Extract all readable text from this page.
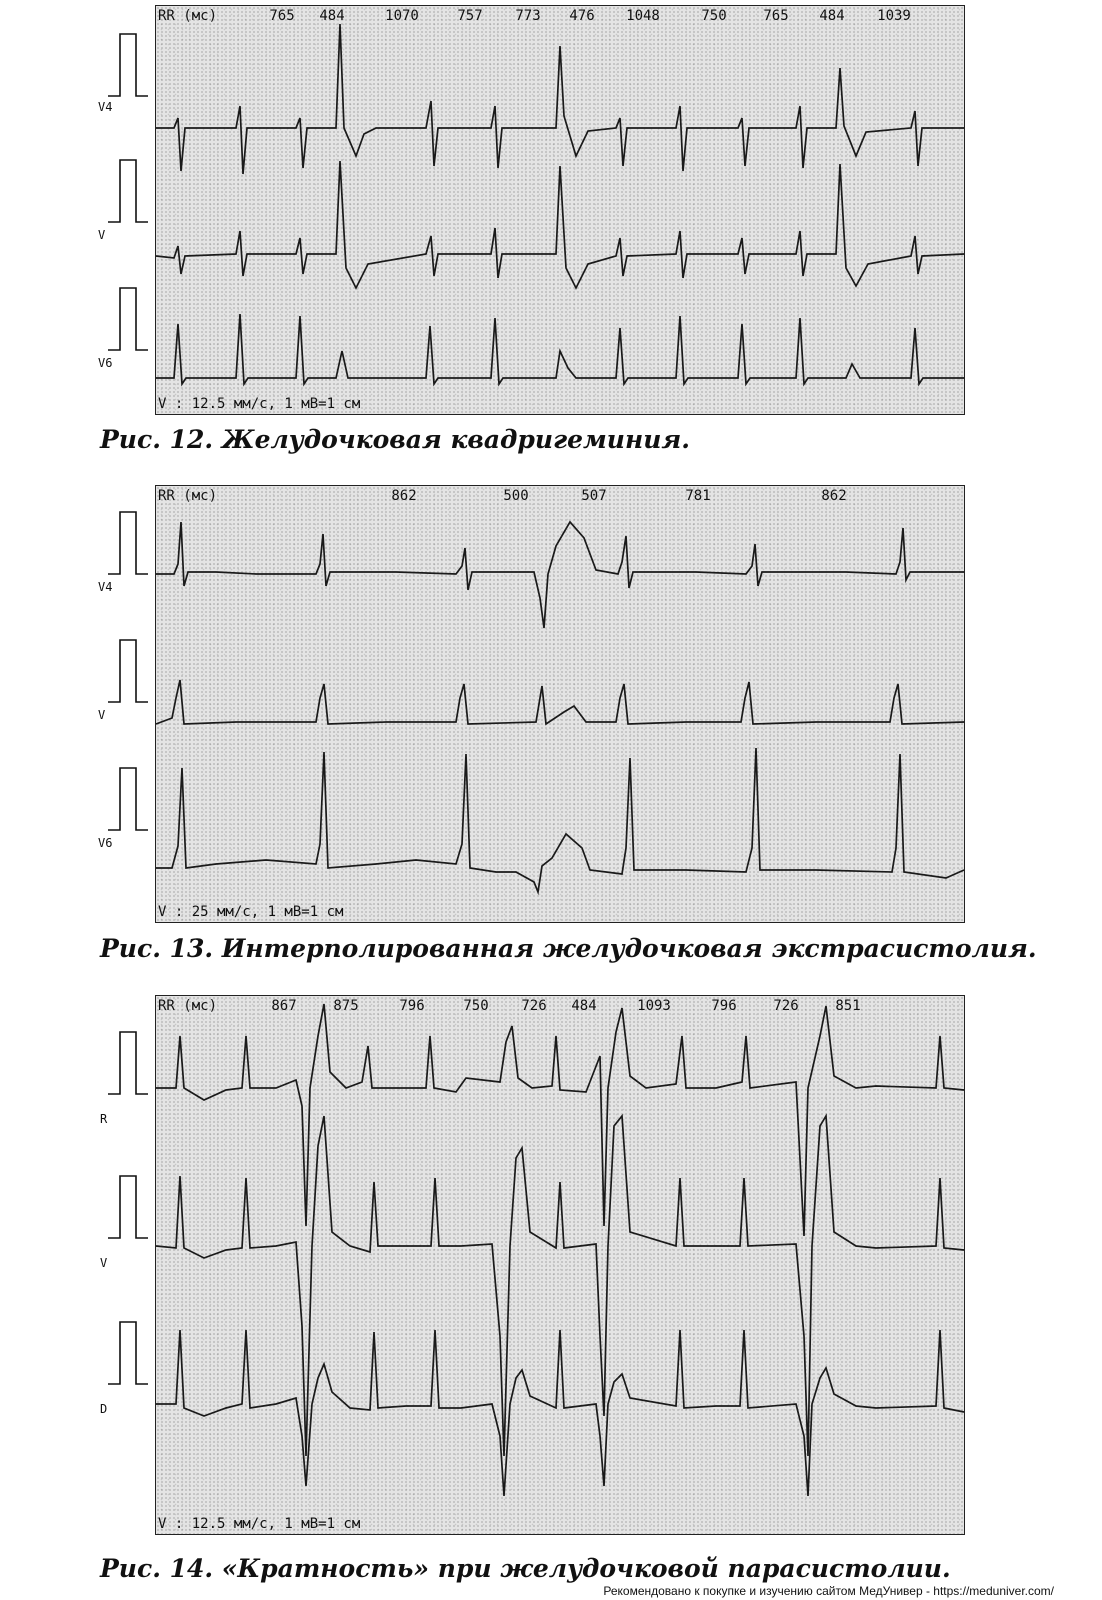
V4
V
V6
RR (мс)	765 484	1070	757 773 476 1048	750	765 484 1039
V : 12.5 мм/с, 1 мВ=1 см
Рис. 12. Желудочковая квадригеминия.
V4
V
V6
RR (мс)	862	500	507	781	862
V : 25 мм/с, 1 мВ=1 см
Рис. 13. Интерполированная желудочковая экстрасистолия.
R
V
D
RR (мс)	867	875	796	750 726 484	1093	796	726	851
V : 12.5 мм/с, 1 мВ=1 см
Рис. 14. «Кратность» при желудочковой парасистолии.
Рекомендовано к покупке и изучению сайтом МедУнивер - https://meduniver.com/
